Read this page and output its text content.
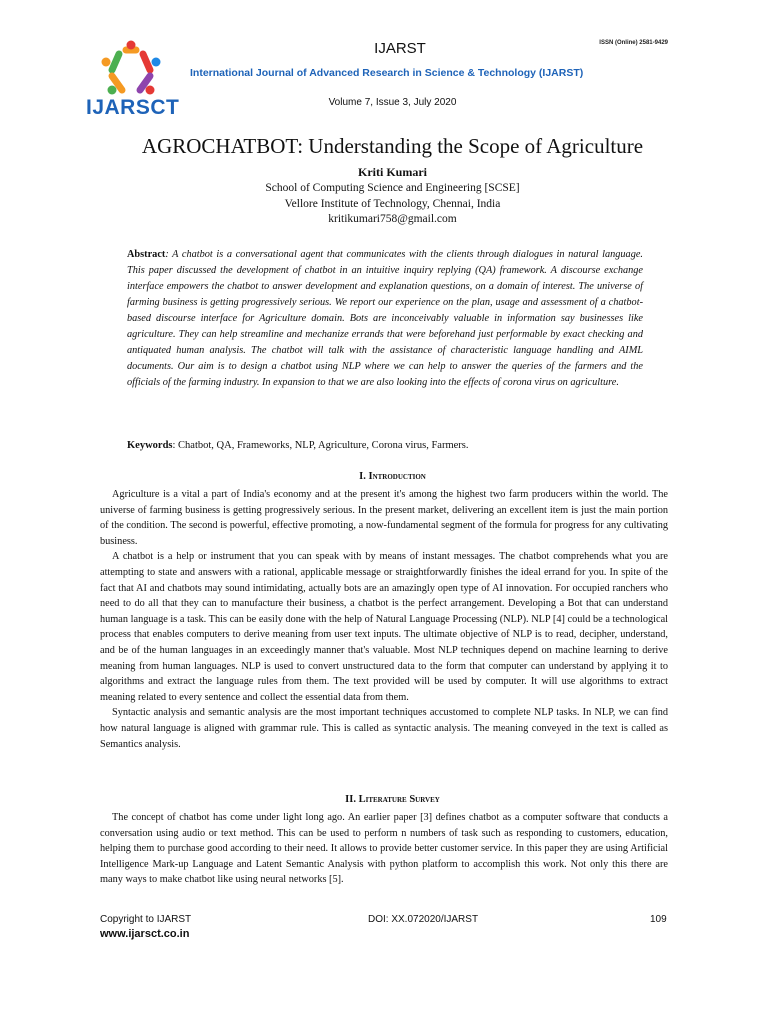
IJARSCT
IJARST	ISSN (Online) 2581-9429
International Journal of Advanced Research in Science & Technology (IJARST)
Volume 7, Issue 3, July 2020
AGROCHATBOT: Understanding the Scope of Agriculture
Kriti Kumari
School of Computing Science and Engineering [SCSE]
Vellore Institute of Technology, Chennai, India
kritikumari758@gmail.com
Abstract: A chatbot is a conversational agent that communicates with the clients through dialogues in natural language. This paper discussed the development of chatbot in an intuitive inquiry replying (QA) framework. A discourse exchange interface empowers the chatbot to answer development and explanation questions, on a domain of interest. The universe of farming business is getting progressively serious. We report our experience on the plan, usage and assessment of a chatbot-based discourse interface for Agriculture domain. Bots are inconceivably valuable in information say businesses like agriculture. They can help streamline and mechanize errands that were beforehand just performable by exact checking and antiquated human analysis. The chatbot will talk with the assistance of characteristic language handling and AIML documents. Our aim is to design a chatbot using NLP where we can help to answer the queries of the farmers and the officials of the farming industry. In expansion to that we are also looking into the effects of corona virus on agriculture.
Keywords: Chatbot, QA, Frameworks, NLP, Agriculture, Corona virus, Farmers.
I. Introduction

Agriculture is a vital a part of India's economy and at the present it's among the highest two farm producers within the world. The universe of farming business is getting progressively serious. In the present market, delivering an excellent item is just the main portion of the condition. The second is powerful, effective promoting, a now-fundamental segment of the formula for progress for any cultivating business.

A chatbot is a help or instrument that you can speak with by means of instant messages. The chatbot comprehends what you are attempting to state and answers with a rational, applicable message or straightforwardly finishes the ideal errand for you. In spite of the fact that AI and chatbots may sound intimidating, actually bots are an amazingly open type of AI innovation. For occupied ranchers who need to do all that they can to manufacture their business, a chatbot is the perfect arrangement. Developing a Bot that can understand human language is a task. This can be easily done with the help of Natural Language Processing (NLP). NLP [4] could be a technological process that enables computers to derive meaning from user text inputs. The ultimate objective of NLP is to read, decipher, understand, and be of the human languages in an exceedingly manner that's valuable. Most NLP techniques depend on machine learning to derive meaning from human languages. NLP is used to convert unstructured data to the form that computer can understand by applying it to algorithms and extract the language rules from them. The text provided will be used by computer. It will use algorithms to extract meaning related to every sentence and collect the essential data from them.

Syntactic analysis and semantic analysis are the most important techniques accustomed to complete NLP tasks. In NLP, we can find how natural language is aligned with grammar rule. This is called as syntactic analysis. The meaning conveyed in the text is called as Semantics analysis.

II. Literature Survey

The concept of chatbot has come under light long ago. An earlier paper [3] defines chatbot as a computer software that conducts a conversation using audio or text method. This can be used to perform n numbers of task such as responding to customers, education, helping them to purchase good according to their need. It allows to provide better customer service. In this paper they are using Artificial Intelligence Mark-up Language and Latent Semantic Analysis with python platform to accomplish this work. Not only this there are many ways to make chatbot like using neural networks [5].

Copyright to IJARST
www.ijarsct.co.in
DOI: XX.072020/IJARST	109
